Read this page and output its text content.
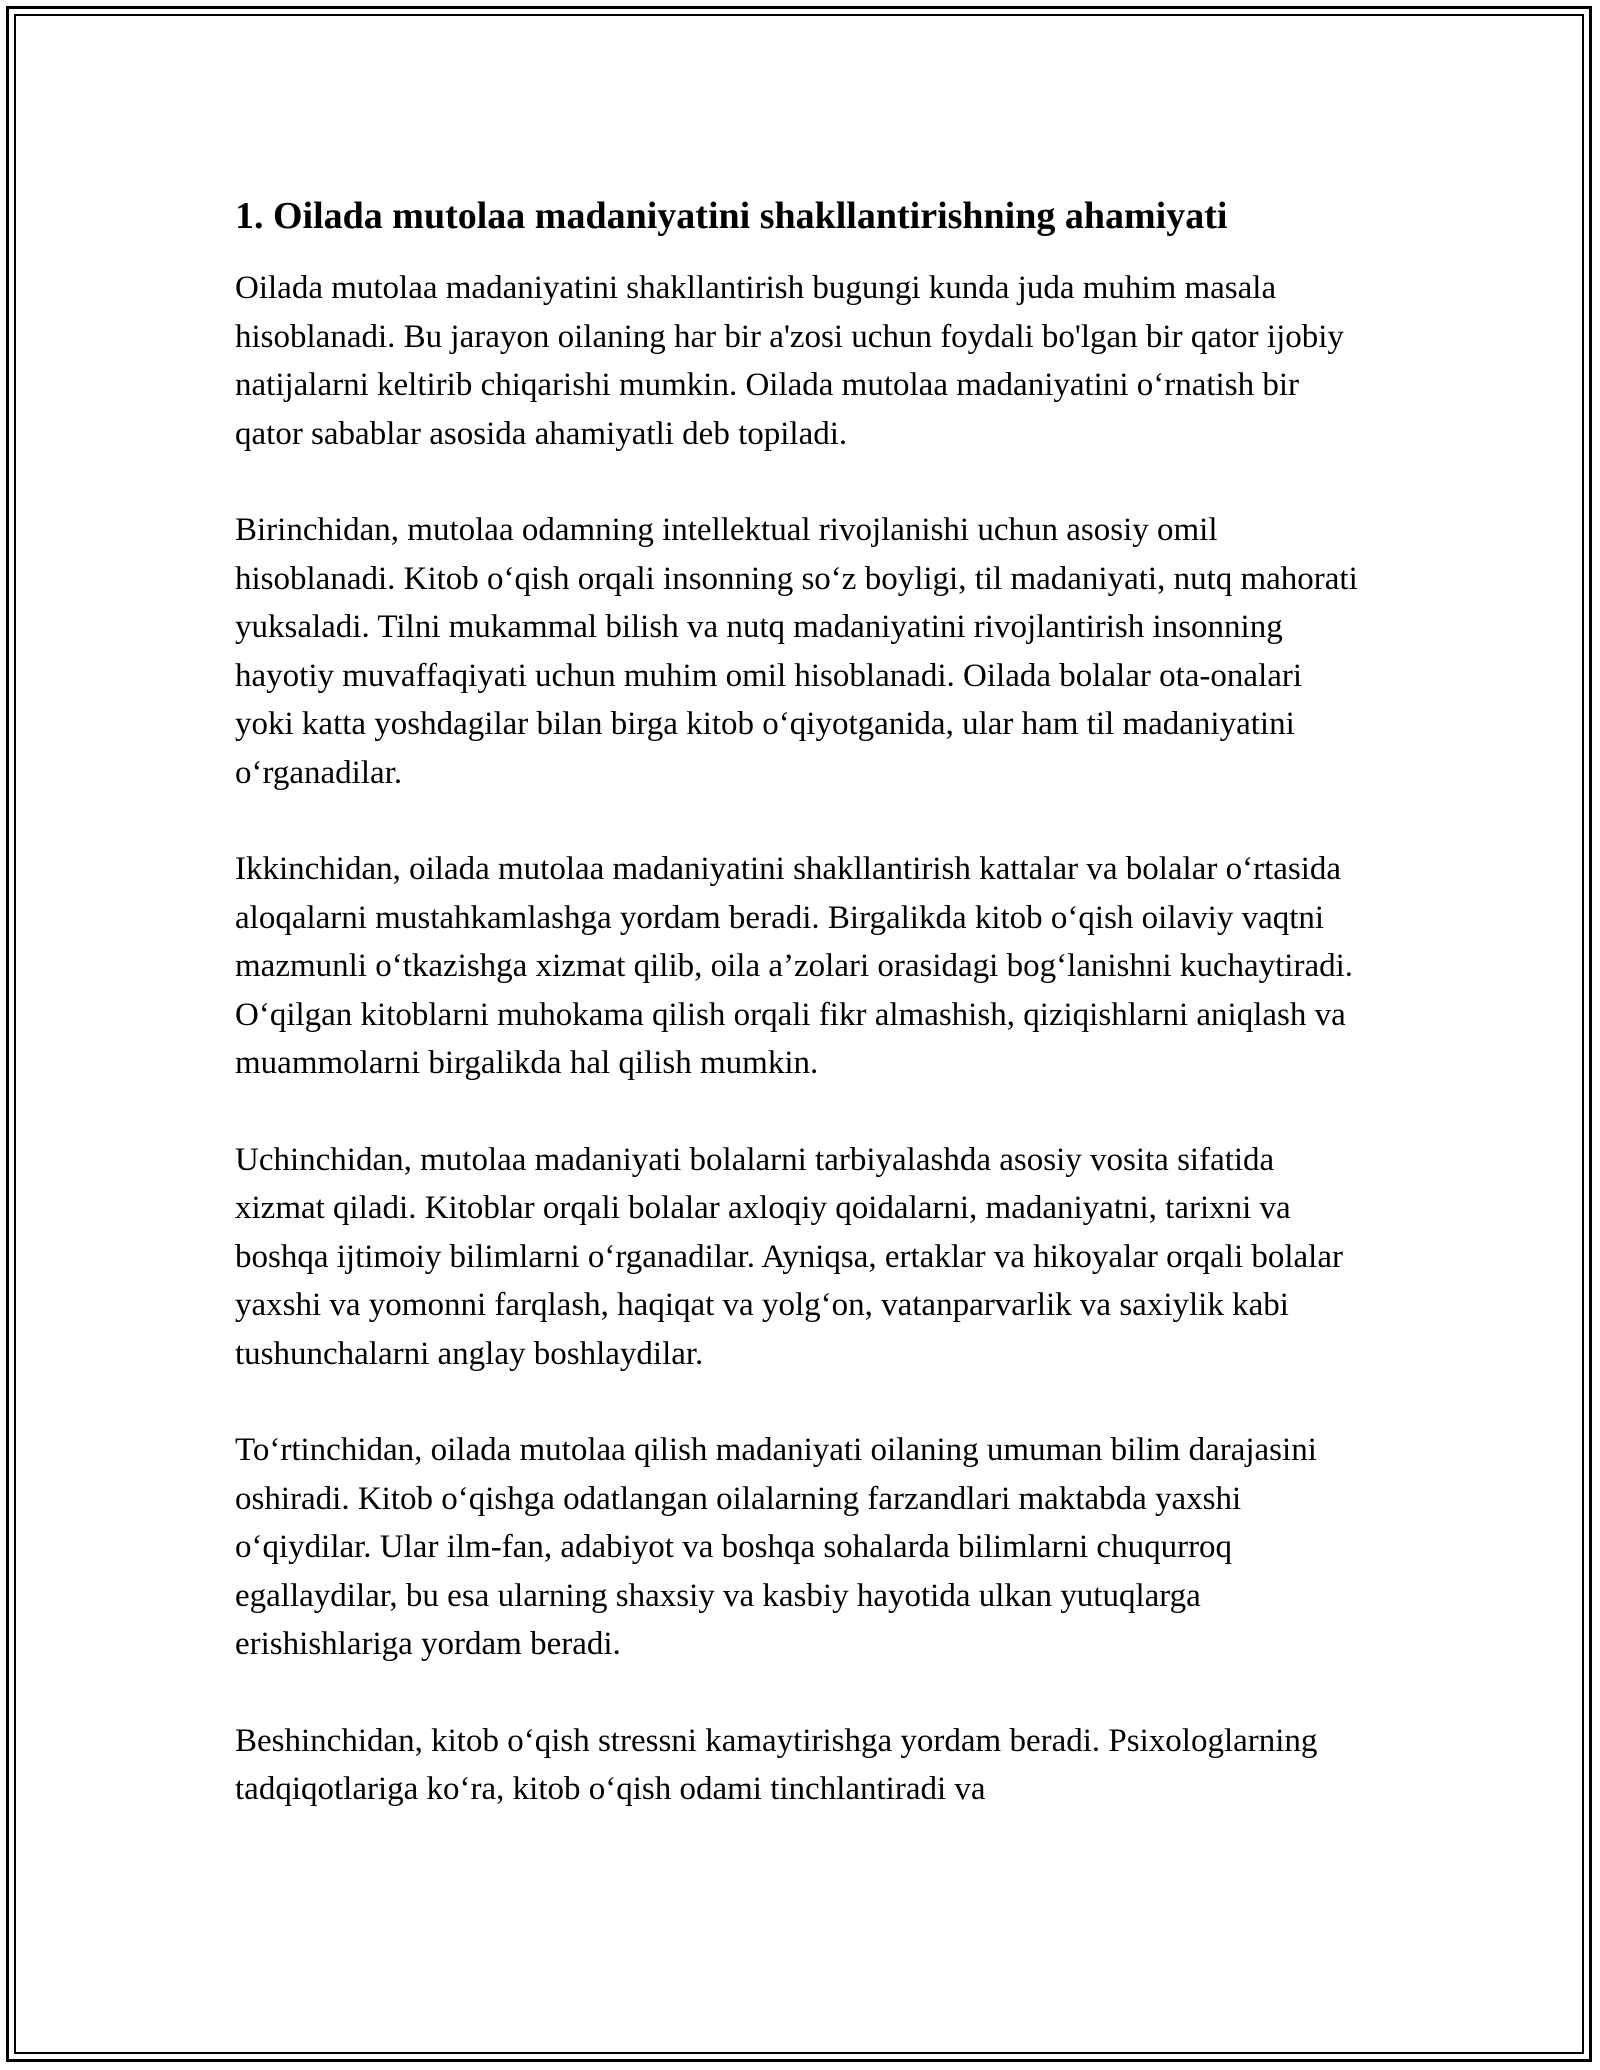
1. Oilada mutolaa madaniyatini shakllantirishning ahamiyati

Oilada mutolaa madaniyatini shakllantirish bugungi kunda juda muhim masala hisoblanadi. Bu jarayon oilaning har bir a'zosi uchun foydali bo'lgan bir qator ijobiy natijalarni keltirib chiqarishi mumkin. Oilada mutolaa madaniyatini o‘rnatish bir qator sabablar asosida ahamiyatli deb topiladi.

Birinchidan, mutolaa odamning intellektual rivojlanishi uchun asosiy omil hisoblanadi. Kitob o‘qish orqali insonning so‘z boyligi, til madaniyati, nutq mahorati yuksaladi. Tilni mukammal bilish va nutq madaniyatini rivojlantirish insonning hayotiy muvaffaqiyati uchun muhim omil hisoblanadi. Oilada bolalar ota-onalari yoki katta yoshdagilar bilan birga kitob o‘qiyotganida, ular ham til madaniyatini o‘rganadilar.

Ikkinchidan, oilada mutolaa madaniyatini shakllantirish kattalar va bolalar o‘rtasida aloqalarni mustahkamlashga yordam beradi. Birgalikda kitob o‘qish oilaviy vaqtni mazmunli o‘tkazishga xizmat qilib, oila a’zolari orasidagi bog‘lanishni kuchaytiradi. O‘qilgan kitoblarni muhokama qilish orqali fikr almashish, qiziqishlarni aniqlash va muammolarni birgalikda hal qilish mumkin.

Uchinchidan, mutolaa madaniyati bolalarni tarbiyalashda asosiy vosita sifatida xizmat qiladi. Kitoblar orqali bolalar axloqiy qoidalarni, madaniyatni, tarixni va boshqa ijtimoiy bilimlarni o‘rganadilar. Ayniqsa, ertaklar va hikoyalar orqali bolalar yaxshi va yomonni farqlash, haqiqat va yolg‘on, vatanparvarlik va saxiylik kabi tushunchalarni anglay boshlaydilar.

To‘rtinchidan, oilada mutolaa qilish madaniyati oilaning umuman bilim darajasini oshiradi. Kitob o‘qishga odatlangan oilalarning farzandlari maktabda yaxshi o‘qiydilar. Ular ilm-fan, adabiyot va boshqa sohalarda bilimlarni chuqurroq egallaydilar, bu esa ularning shaxsiy va kasbiy hayotida ulkan yutuqlarga erishishlariga yordam beradi.

Beshinchidan, kitob o‘qish stressni kamaytirishga yordam beradi. Psixologlarning tadqiqotlariga ko‘ra, kitob o‘qish odami tinchlantiradi va
